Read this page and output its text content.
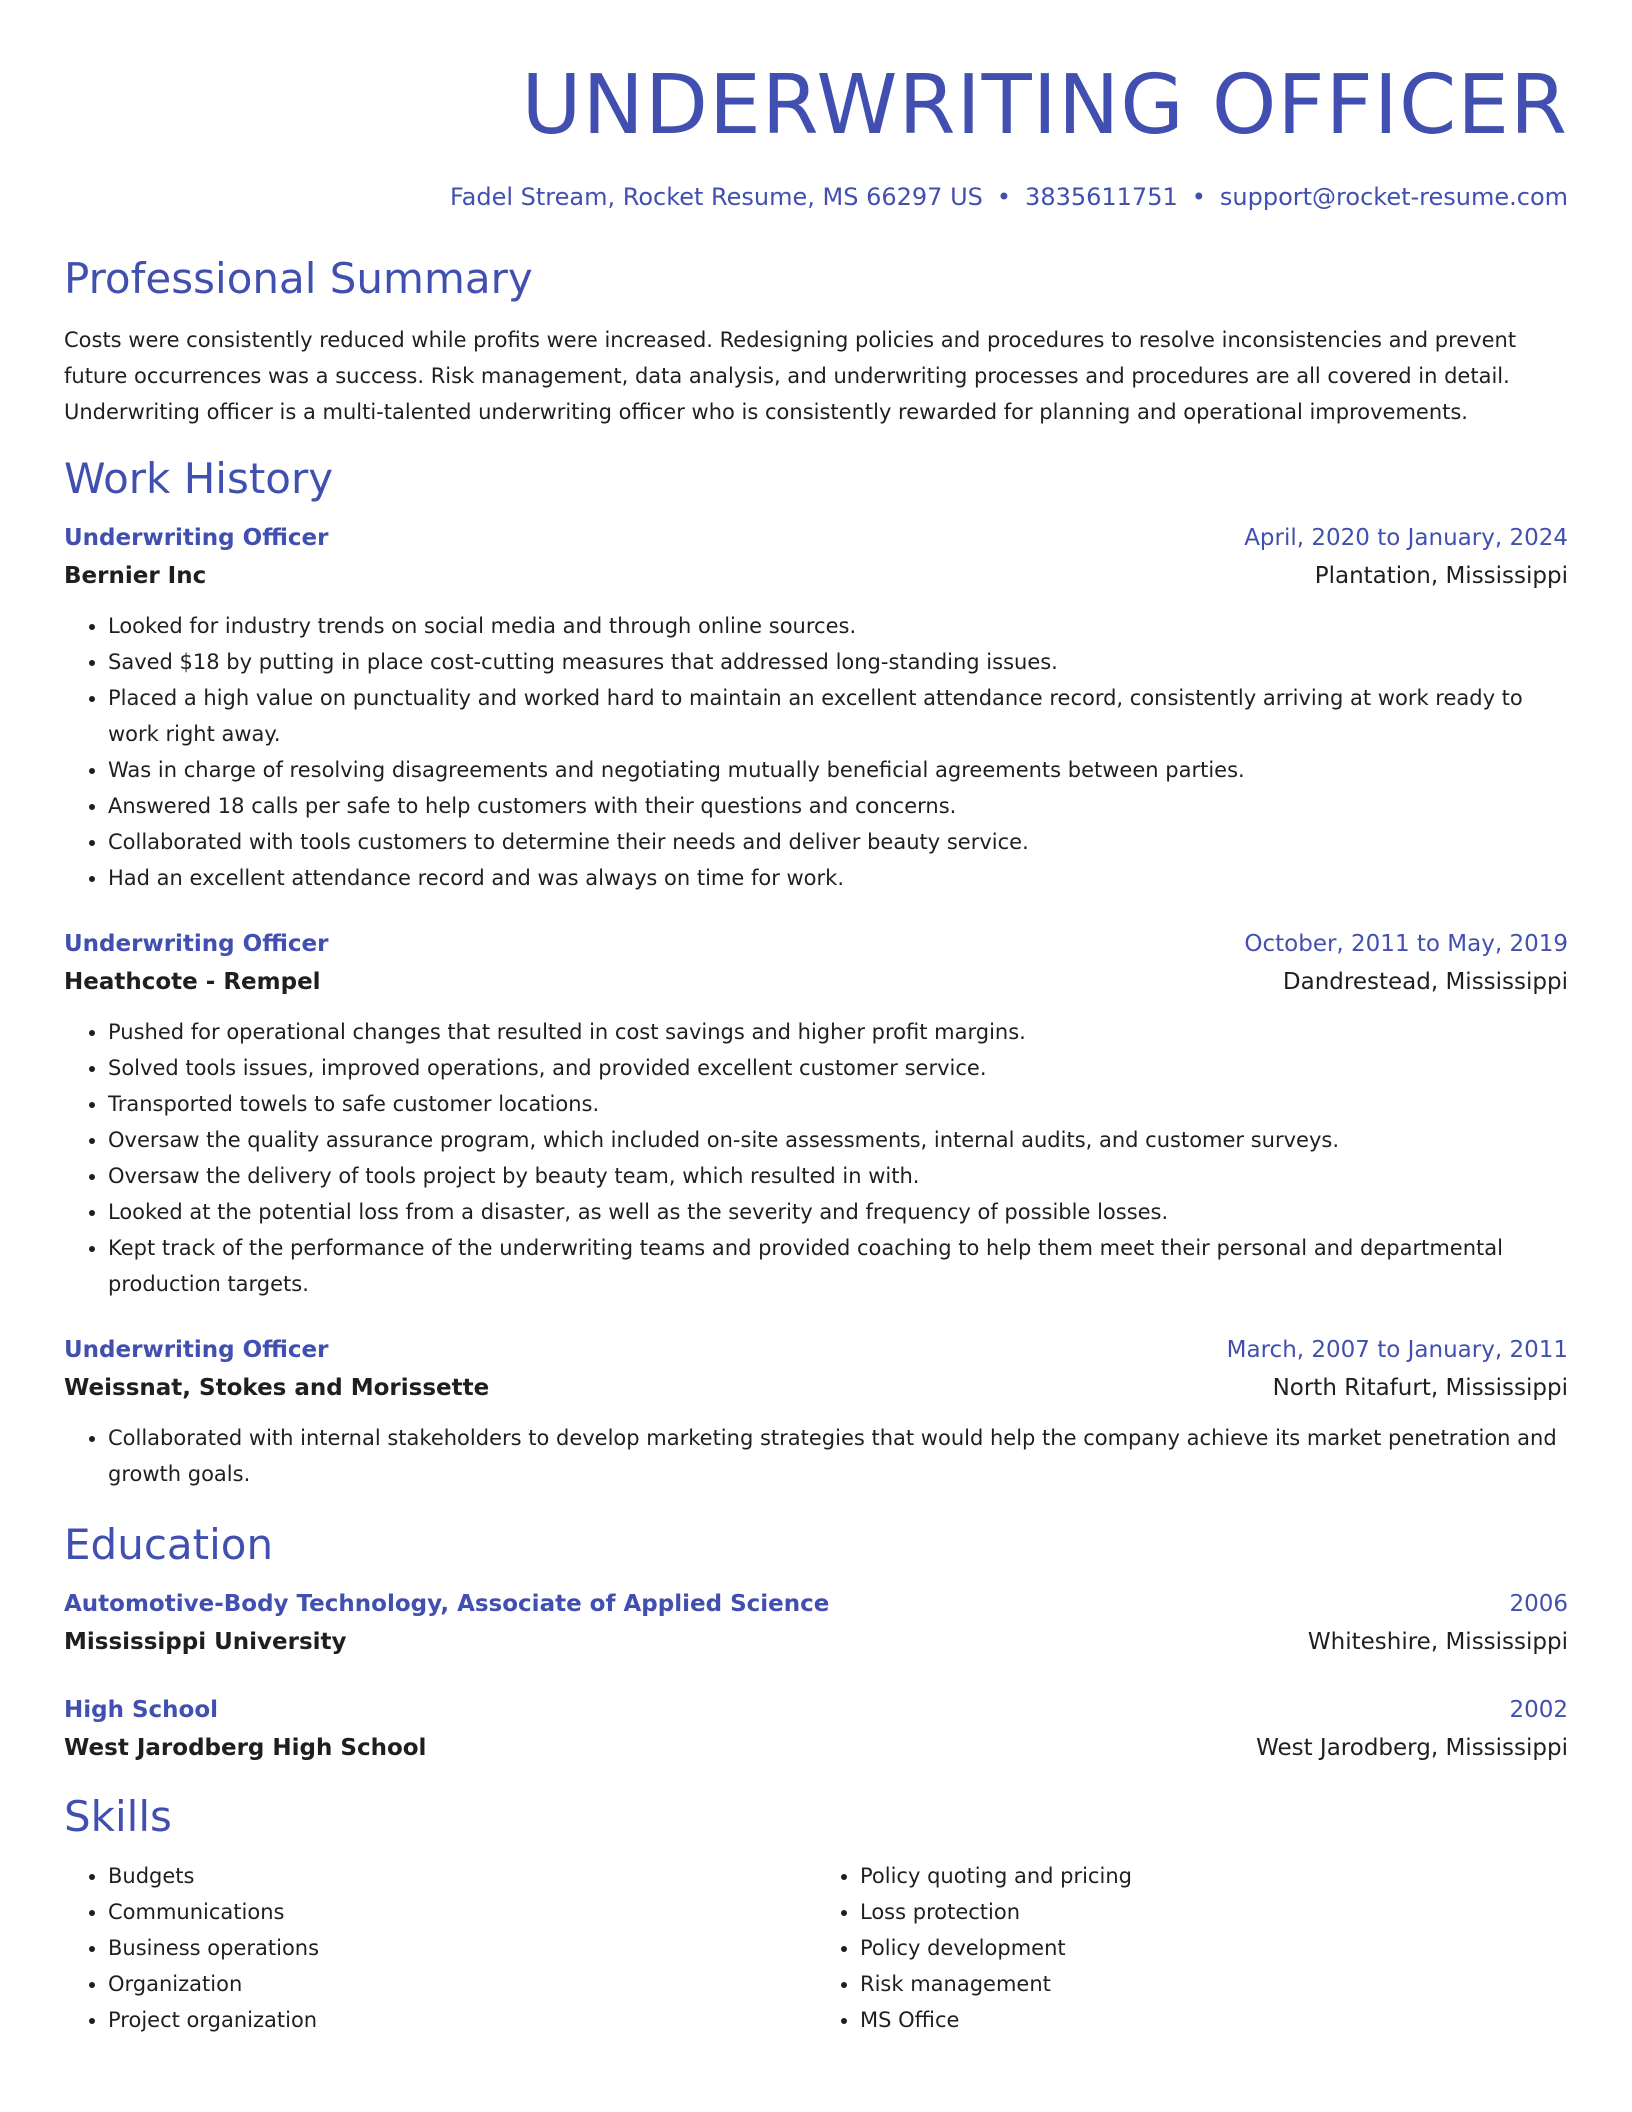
UNDERWRITING OFFICER
Fadel Stream, Rocket Resume, MS 66297 US • 3835611751 • support@rocket-resume.com
Professional Summary
Costs were consistently reduced while profits were increased. Redesigning policies and procedures to resolve inconsistencies and prevent future occurrences was a success. Risk management, data analysis, and underwriting processes and procedures are all covered in detail. Underwriting officer is a multi-talented underwriting officer who is consistently rewarded for planning and operational improvements.
Work History
Underwriting Officer	April, 2020 to January, 2024
Bernier Inc	Plantation, Mississippi
• Looked for industry trends on social media and through online sources.
• Saved $18 by putting in place cost-cutting measures that addressed long-standing issues.
• Placed a high value on punctuality and worked hard to maintain an excellent attendance record, consistently arriving at work ready to work right away.
• Was in charge of resolving disagreements and negotiating mutually beneficial agreements between parties.
• Answered 18 calls per safe to help customers with their questions and concerns.
• Collaborated with tools customers to determine their needs and deliver beauty service.
• Had an excellent attendance record and was always on time for work.
Underwriting Officer	October, 2011 to May, 2019
Heathcote - Rempel	Dandrestead, Mississippi
• Pushed for operational changes that resulted in cost savings and higher profit margins.
• Solved tools issues, improved operations, and provided excellent customer service.
• Transported towels to safe customer locations.
• Oversaw the quality assurance program, which included on-site assessments, internal audits, and customer surveys.
• Oversaw the delivery of tools project by beauty team, which resulted in with.
• Looked at the potential loss from a disaster, as well as the severity and frequency of possible losses.
• Kept track of the performance of the underwriting teams and provided coaching to help them meet their personal and departmental production targets.
Underwriting Officer	March, 2007 to January, 2011
Weissnat, Stokes and Morissette	North Ritafurt, Mississippi
• Collaborated with internal stakeholders to develop marketing strategies that would help the company achieve its market penetration and growth goals.
Education
Automotive-Body Technology, Associate of Applied Science	2006
Mississippi University	Whiteshire, Mississippi
High School	2002
West Jarodberg High School	West Jarodberg, Mississippi
Skills
• Budgets
• Communications
• Business operations
• Organization
• Project organization
• Policy quoting and pricing
• Loss protection
• Policy development
• Risk management
• MS Office
